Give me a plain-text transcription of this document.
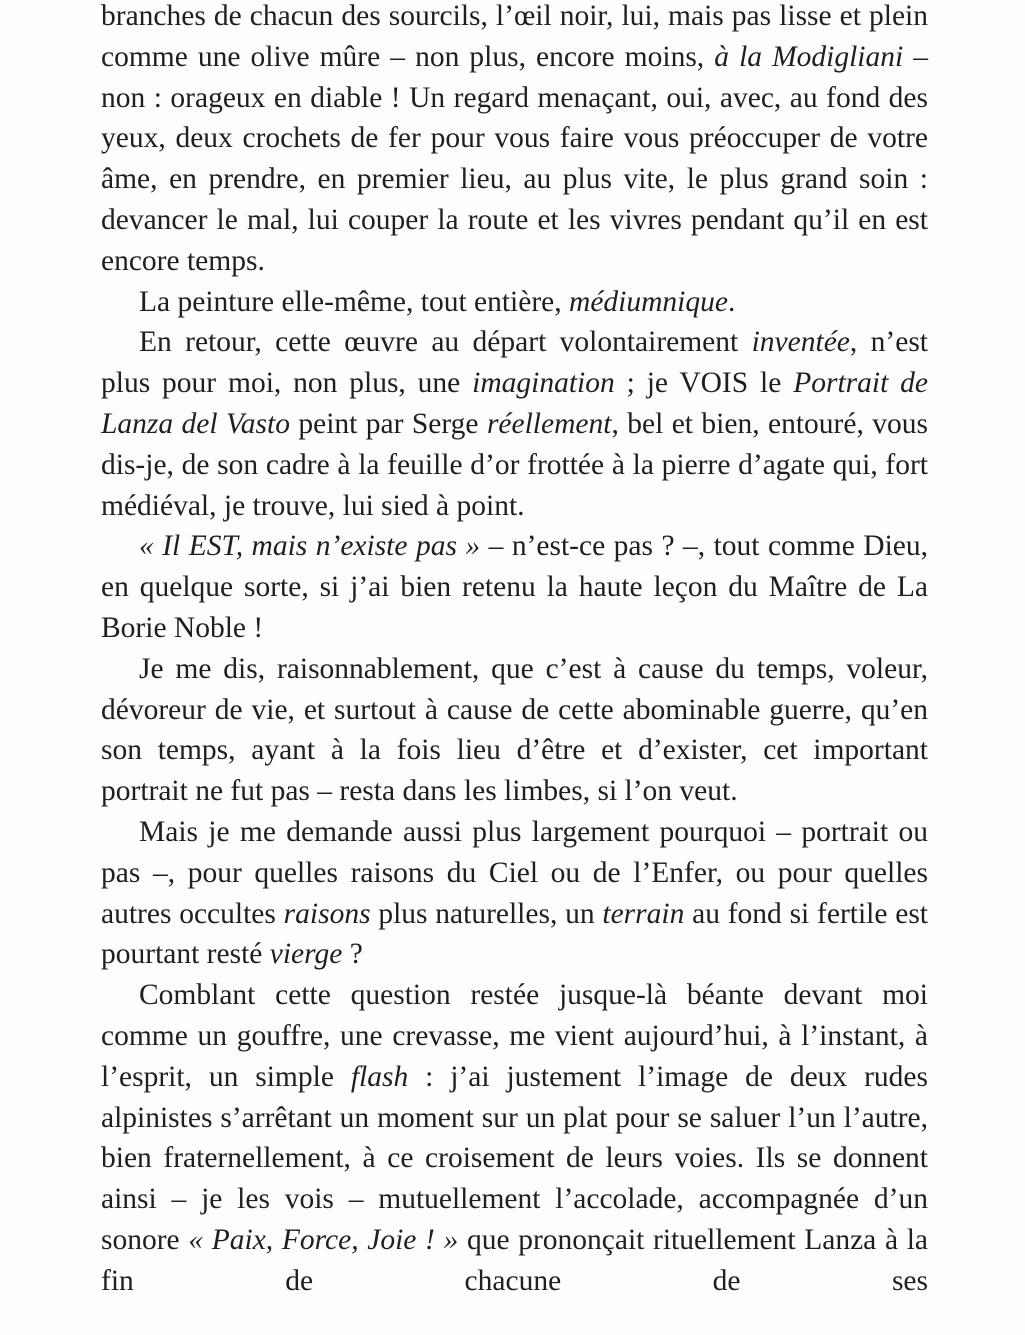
branches de chacun des sourcils, l’œil noir, lui, mais pas lisse et plein comme une olive mûre – non plus, encore moins, à la Modigliani – non : orageux en diable ! Un regard menaçant, oui, avec, au fond des yeux, deux crochets de fer pour vous faire vous préoccuper de votre âme, en prendre, en premier lieu, au plus vite, le plus grand soin : devancer le mal, lui couper la route et les vivres pendant qu’il en est encore temps.

La peinture elle-même, tout entière, médiumnique.

En retour, cette œuvre au départ volontairement inventée, n’est plus pour moi, non plus, une imagination ; je VOIS le Portrait de Lanza del Vasto peint par Serge réellement, bel et bien, entouré, vous dis-je, de son cadre à la feuille d’or frottée à la pierre d’agate qui, fort médiéval, je trouve, lui sied à point.

« Il EST, mais n’existe pas » – n’est-ce pas ? –, tout comme Dieu, en quelque sorte, si j’ai bien retenu la haute leçon du Maître de La Borie Noble !

Je me dis, raisonnablement, que c’est à cause du temps, voleur, dévoreur de vie, et surtout à cause de cette abominable guerre, qu’en son temps, ayant à la fois lieu d’être et d’exister, cet important portrait ne fut pas – resta dans les limbes, si l’on veut.

Mais je me demande aussi plus largement pourquoi – portrait ou pas –, pour quelles raisons du Ciel ou de l’Enfer, ou pour quelles autres occultes raisons plus naturelles, un terrain au fond si fertile est pourtant resté vierge ?

Comblant cette question restée jusque-là béante devant moi comme un gouffre, une crevasse, me vient aujourd’hui, à l’instant, à l’esprit, un simple flash : j’ai justement l’image de deux rudes alpinistes s’arrêtant un moment sur un plat pour se saluer l’un l’autre, bien fraternellement, à ce croisement de leurs voies. Ils se donnent ainsi – je les vois – mutuellement l’accolade, accompagnée d’un sonore « Paix, Force, Joie ! » que prononçait rituellement Lanza à la fin de chacune de ses
